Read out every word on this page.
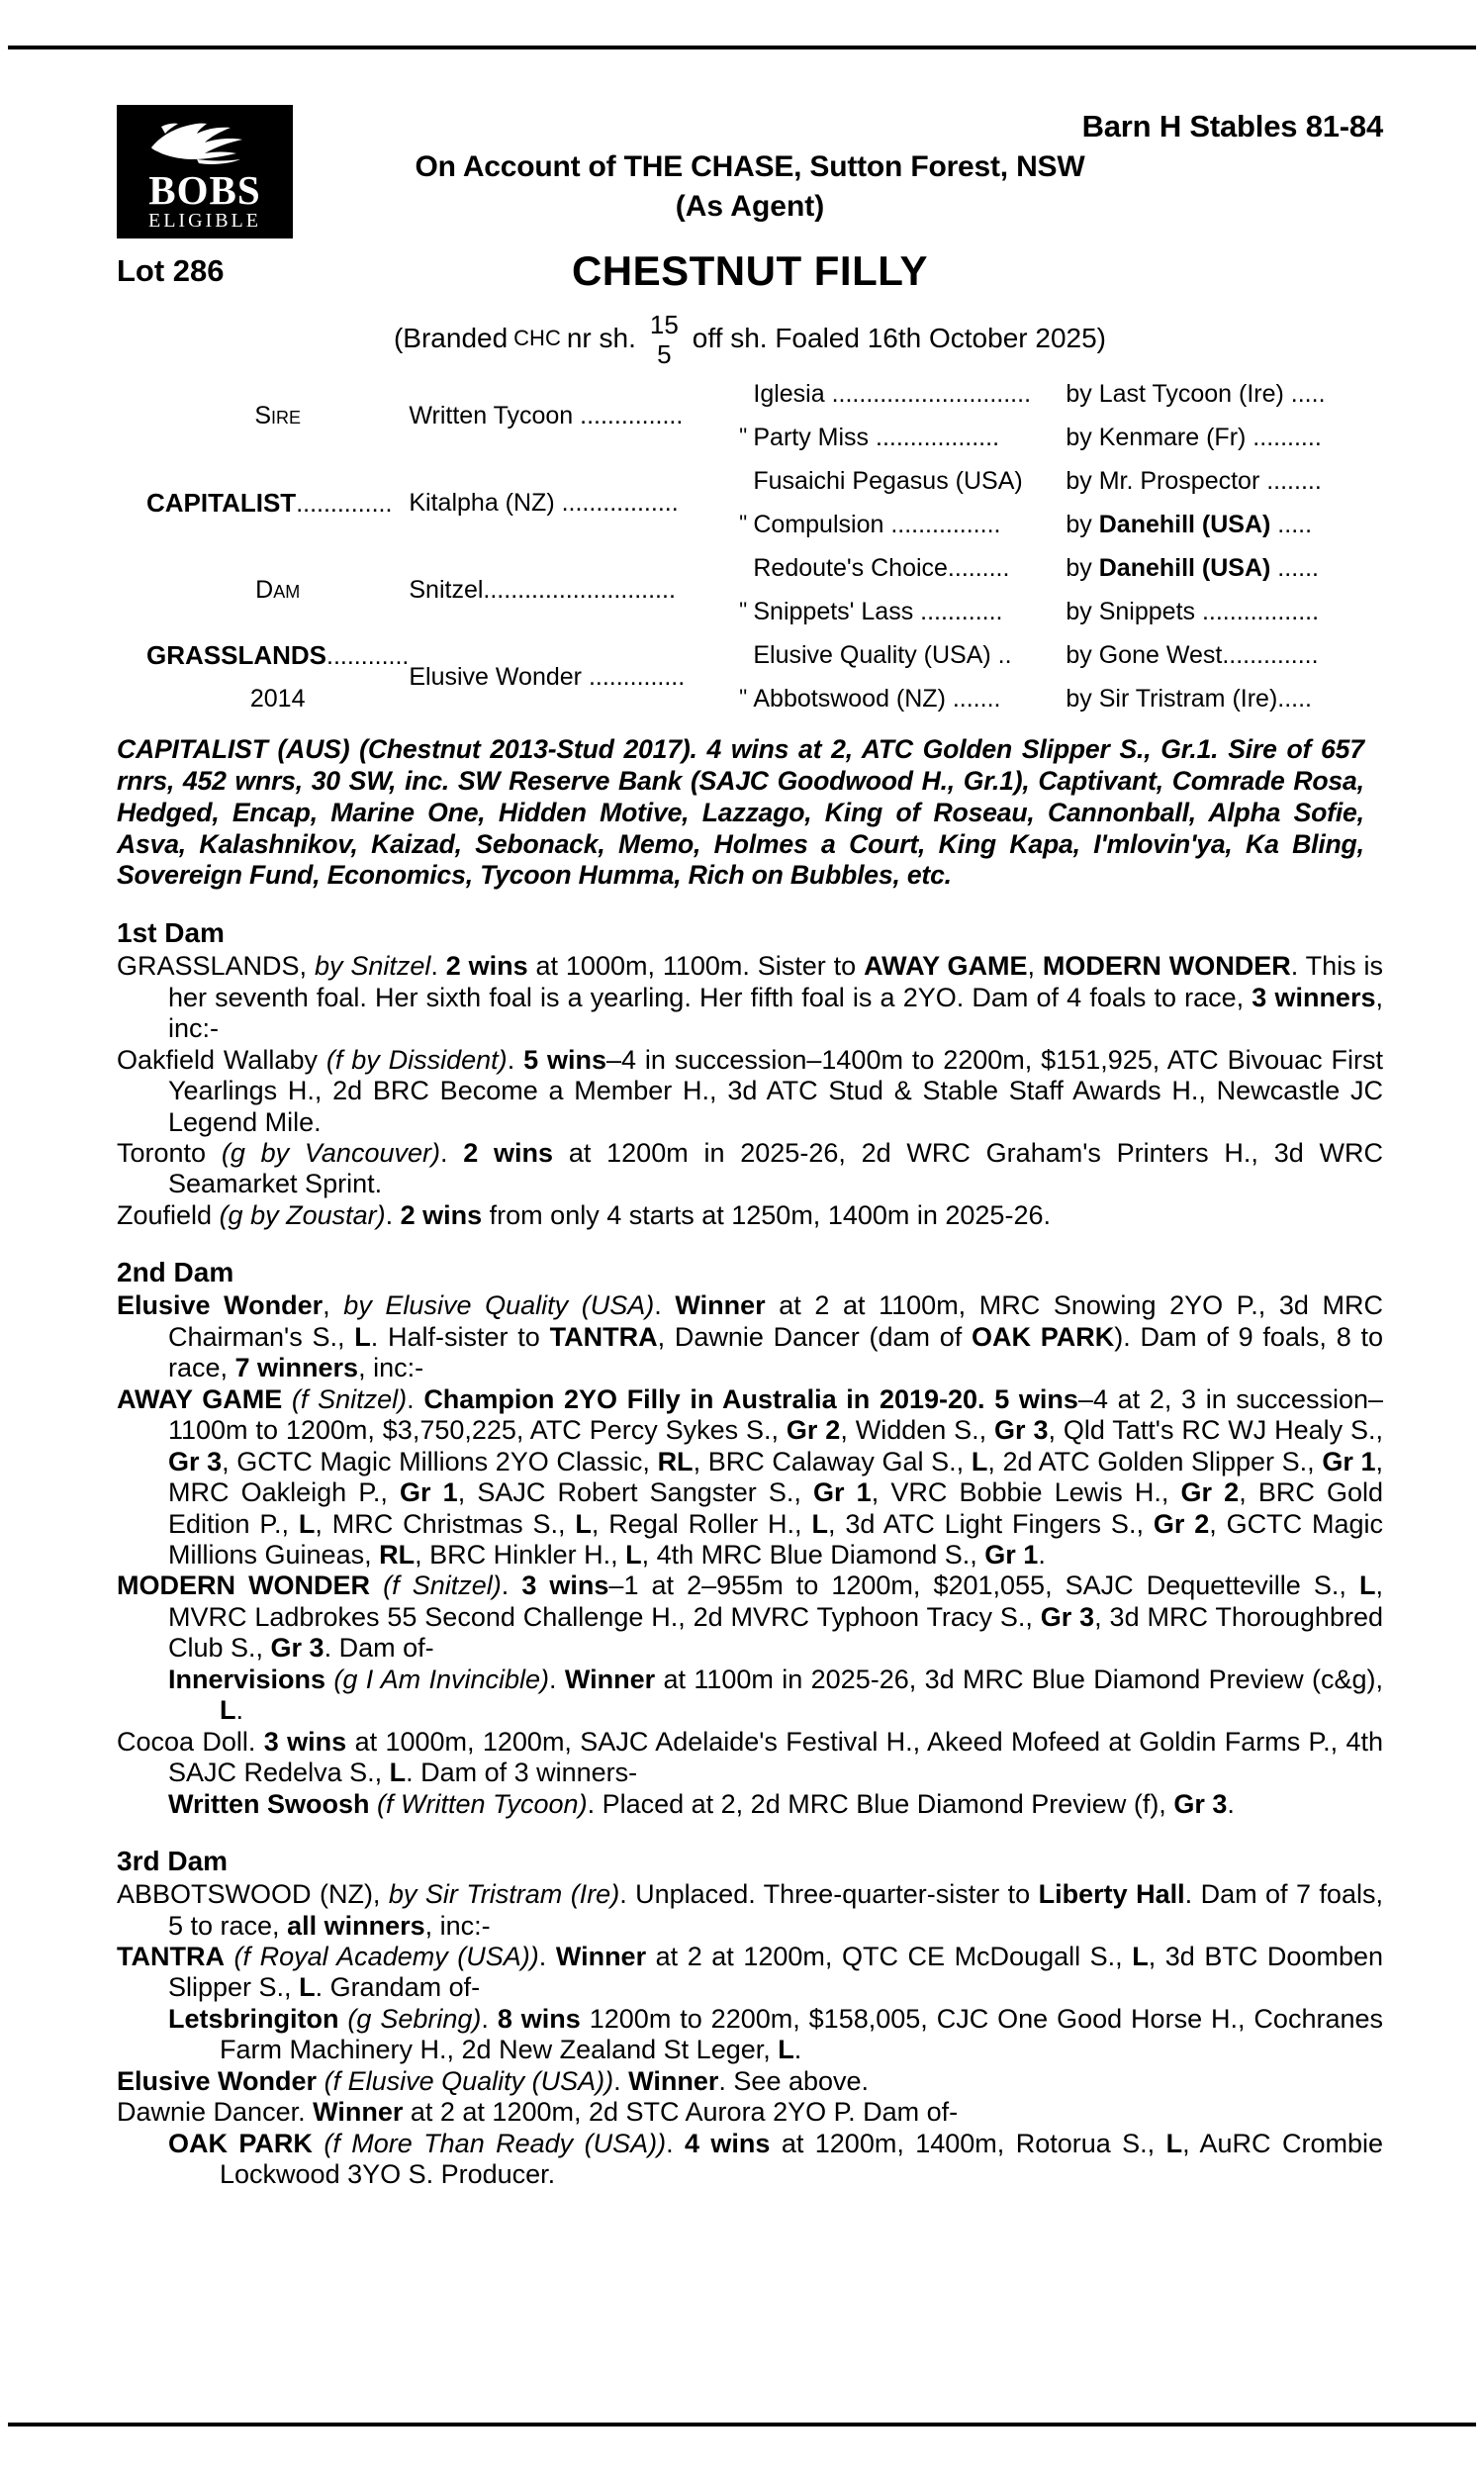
BOBS
ELIGIBLE
Barn H Stables 81-84
On Account of THE CHASE, Sutton Forest, NSW
(As Agent)
Lot 286	CHESTNUT FILLY
(Branded CHC nr sh. 15
5
off sh. Foaled 16th October 2025)
Sire	Written Tycoon ...............		Iglesia .............................	by Last Tycoon (Ire) .....
		''	Party Miss ..................	by Kenmare (Fr) ..........
CAPITALIST..............	Kitalpha (NZ) .................		Fusaichi Pegasus (USA)	by Mr. Prospector ........
		''	Compulsion ................	by Danehill (USA) .....

Dam	Snitzel............................		Redoute's Choice.........	by Danehill (USA) ......
		''	Snippets' Lass ............	by Snippets .................
GRASSLANDS............	Elusive Wonder ..............		Elusive Quality (USA) ..	by Gone West..............

2014		''	Abbotswood (NZ) .......	by Sir Tristram (Ire).....
CAPITALIST (AUS) (Chestnut 2013-Stud 2017). 4 wins at 2, ATC Golden Slipper S., Gr.1. Sire of 657 rnrs, 452 wnrs, 30 SW, inc. SW Reserve Bank (SAJC Goodwood H., Gr.1), Captivant, Comrade Rosa, Hedged, Encap, Marine One, Hidden Motive, Lazzago, King of Roseau, Cannonball, Alpha Sofie, Asva, Kalashnikov, Kaizad, Sebonack, Memo, Holmes a Court, King Kapa, I'mlovin'ya, Ka Bling, Sovereign Fund, Economics, Tycoon Humma, Rich on Bubbles, etc.
1st Dam

GRASSLANDS, by Snitzel. 2 wins at 1000m, 1100m. Sister to AWAY GAME, MODERN WONDER. This is her seventh foal. Her sixth foal is a yearling. Her fifth foal is a 2YO. Dam of 4 foals to race, 3 winners, inc:-

Oakfield Wallaby (f by Dissident). 5 wins–4 in succession–1400m to 2200m, $151,925, ATC Bivouac First Yearlings H., 2d BRC Become a Member H., 3d ATC Stud & Stable Staff Awards H., Newcastle JC Legend Mile.

Toronto (g by Vancouver). 2 wins at 1200m in 2025-26, 2d WRC Graham's Printers H., 3d WRC Seamarket Sprint.

Zoufield (g by Zoustar). 2 wins from only 4 starts at 1250m, 1400m in 2025-26.

2nd Dam

Elusive Wonder, by Elusive Quality (USA). Winner at 2 at 1100m, MRC Snowing 2YO P., 3d MRC Chairman's S., L. Half-sister to TANTRA, Dawnie Dancer (dam of OAK PARK). Dam of 9 foals, 8 to race, 7 winners, inc:-

AWAY GAME (f Snitzel). Champion 2YO Filly in Australia in 2019-20. 5 wins–4 at 2, 3 in succession–1100m to 1200m, $3,750,225, ATC Percy Sykes S., Gr 2, Widden S., Gr 3, Qld Tatt's RC WJ Healy S., Gr 3, GCTC Magic Millions 2YO Classic, RL, BRC Calaway Gal S., L, 2d ATC Golden Slipper S., Gr 1, MRC Oakleigh P., Gr 1, SAJC Robert Sangster S., Gr 1, VRC Bobbie Lewis H., Gr 2, BRC Gold Edition P., L, MRC Christmas S., L, Regal Roller H., L, 3d ATC Light Fingers S., Gr 2, GCTC Magic Millions Guineas, RL, BRC Hinkler H., L, 4th MRC Blue Diamond S., Gr 1.

MODERN WONDER (f Snitzel). 3 wins–1 at 2–955m to 1200m, $201,055, SAJC Dequetteville S., L, MVRC Ladbrokes 55 Second Challenge H., 2d MVRC Typhoon Tracy S., Gr 3, 3d MRC Thoroughbred Club S., Gr 3. Dam of-

Innervisions (g I Am Invincible). Winner at 1100m in 2025-26, 3d MRC Blue Diamond Preview (c&g), L.

Cocoa Doll. 3 wins at 1000m, 1200m, SAJC Adelaide's Festival H., Akeed Mofeed at Goldin Farms P., 4th SAJC Redelva S., L. Dam of 3 winners-

Written Swoosh (f Written Tycoon). Placed at 2, 2d MRC Blue Diamond Preview (f), Gr 3.

3rd Dam

ABBOTSWOOD (NZ), by Sir Tristram (Ire). Unplaced. Three-quarter-sister to Liberty Hall. Dam of 7 foals, 5 to race, all winners, inc:-

TANTRA (f Royal Academy (USA)). Winner at 2 at 1200m, QTC CE McDougall S., L, 3d BTC Doomben Slipper S., L. Grandam of-

Letsbringiton (g Sebring). 8 wins 1200m to 2200m, $158,005, CJC One Good Horse H., Cochranes Farm Machinery H., 2d New Zealand St Leger, L.

Elusive Wonder (f Elusive Quality (USA)). Winner. See above.

Dawnie Dancer. Winner at 2 at 1200m, 2d STC Aurora 2YO P. Dam of-

OAK PARK (f More Than Ready (USA)). 4 wins at 1200m, 1400m, Rotorua S., L, AuRC Crombie Lockwood 3YO S. Producer.
